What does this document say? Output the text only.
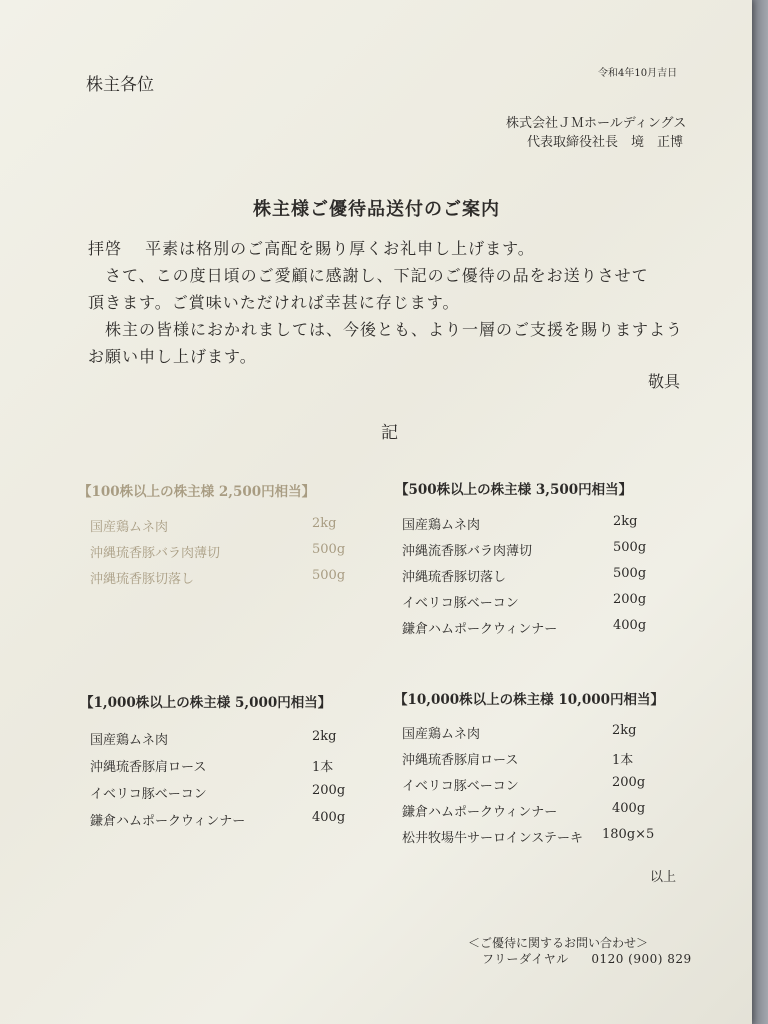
株主各位
令和4年10月吉日
株式会社ＪＭホールディングス
代表取締役社長　境　正博
株主様ご優待品送付のご案内
拝啓　 平素は格別のご高配を賜り厚くお礼申し上げます。
　さて、この度日頃のご愛顧に感謝し、下記のご優待の品をお送りさせて
頂きます。ご賞味いただければ幸甚に存じます。
　株主の皆様におかれましては、今後とも、より一層のご支援を賜りますよう
お願い申し上げます。
敬具
記
【100株以上の株主様 2,500円相当】
国産鶏ムネ肉	2kg
沖縄琉香豚バラ肉薄切	500g
沖縄琉香豚切落し	500g
【500株以上の株主様 3,500円相当】
国産鶏ムネ肉	2kg
沖縄流香豚バラ肉薄切	500g
沖縄琉香豚切落し	500g
イベリコ豚ベーコン	200g
鎌倉ハムポークウィンナー	400g
【1,000株以上の株主様 5,000円相当】
国産鶏ムネ肉	2kg
沖縄琉香豚肩ロース	1本
イベリコ豚ベーコン	200g
鎌倉ハムポークウィンナー	400g
【10,000株以上の株主様 10,000円相当】
国産鶏ムネ肉	2kg
沖縄琉香豚肩ロース	1本
イベリコ豚ベーコン	200g
鎌倉ハムポークウィンナー	400g
松井牧場牛サーロインステーキ 180g×5
以上
＜ご優待に関するお問い合わせ＞
フリーダイヤル 0120 (900) 829
